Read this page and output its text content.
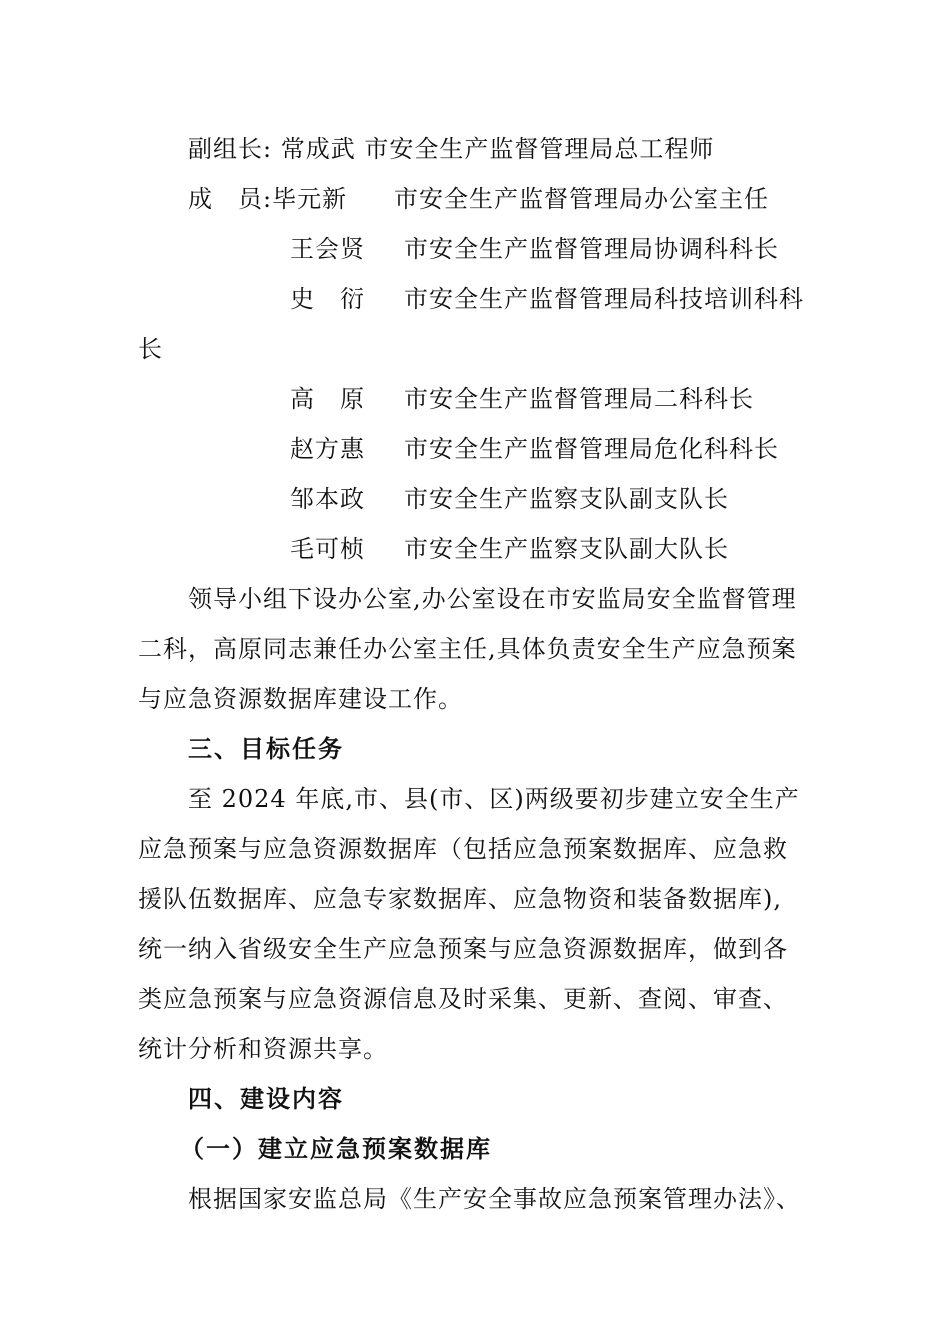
副组长: 常成武 市安全生产监督管理局总工程师
成　员:毕元新 市安全生产监督管理局办公室主任
王会贤 市安全生产监督管理局协调科科长
史　衍 市安全生产监督管理局科技培训科科
长
高　原 市安全生产监督管理局二科科长
赵方惠 市安全生产监督管理局危化科科长
邹本政 市安全生产监察支队副支队长
毛可桢 市安全生产监察支队副大队长
领导小组下设办公室,办公室设在市安监局安全监督管理
二科，高原同志兼任办公室主任,具体负责安全生产应急预案
与应急资源数据库建设工作。
三、目标任务
至 2024 年底,市、县(市、区)两级要初步建立安全生产
应急预案与应急资源数据库（包括应急预案数据库、应急救
援队伍数据库、应急专家数据库、应急物资和装备数据库),
统一纳入省级安全生产应急预案与应急资源数据库，做到各
类应急预案与应急资源信息及时采集、更新、查阅、审查、
统计分析和资源共享。
四、建设内容
（一）建立应急预案数据库
根据国家安监总局《生产安全事故应急预案管理办法》、
